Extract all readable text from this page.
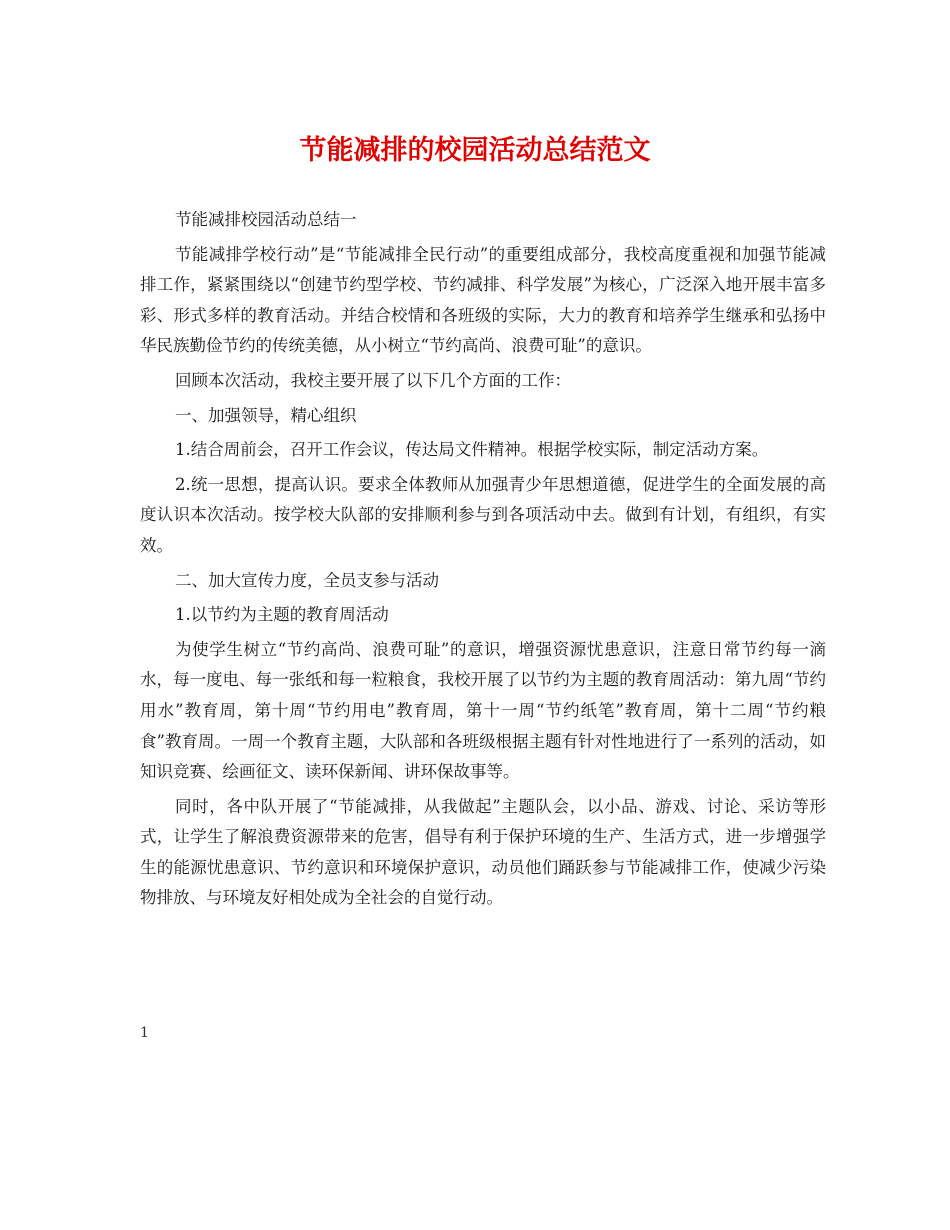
节能减排的校园活动总结范文

节能减排校园活动总结一

节能减排学校行动”是“节能减排全民行动”的重要组成部分，我校高度重视和加强节能减排工作，紧紧围绕以“创建节约型学校、节约减排、科学发展”为核心，广泛深入地开展丰富多彩、形式多样的教育活动。并结合校情和各班级的实际，大力的教育和培养学生继承和弘扬中华民族勤俭节约的传统美德，从小树立“节约高尚、浪费可耻”的意识。

回顾本次活动，我校主要开展了以下几个方面的工作：

一、加强领导，精心组织

1.结合周前会，召开工作会议，传达局文件精神。根据学校实际，制定活动方案。

2.统一思想，提高认识。要求全体教师从加强青少年思想道德，促进学生的全面发展的高度认识本次活动。按学校大队部的安排顺利参与到各项活动中去。做到有计划，有组织，有实效。

二、加大宣传力度，全员支参与活动

1.以节约为主题的教育周活动

为使学生树立“节约高尚、浪费可耻”的意识，增强资源忧患意识，注意日常节约每一滴水，每一度电、每一张纸和每一粒粮食，我校开展了以节约为主题的教育周活动：第九周“节约用水”教育周，第十周“节约用电”教育周，第十一周“节约纸笔”教育周，第十二周“节约粮食”教育周。一周一个教育主题，大队部和各班级根据主题有针对性地进行了一系列的活动，如知识竞赛、绘画征文、读环保新闻、讲环保故事等。

同时，各中队开展了“节能减排，从我做起”主题队会，以小品、游戏、讨论、采访等形式，让学生了解浪费资源带来的危害，倡导有利于保护环境的生产、生活方式，进一步增强学生的能源忧患意识、节约意识和环境保护意识，动员他们踊跃参与节能减排工作，使减少污染物排放、与环境友好相处成为全社会的自觉行动。

1
